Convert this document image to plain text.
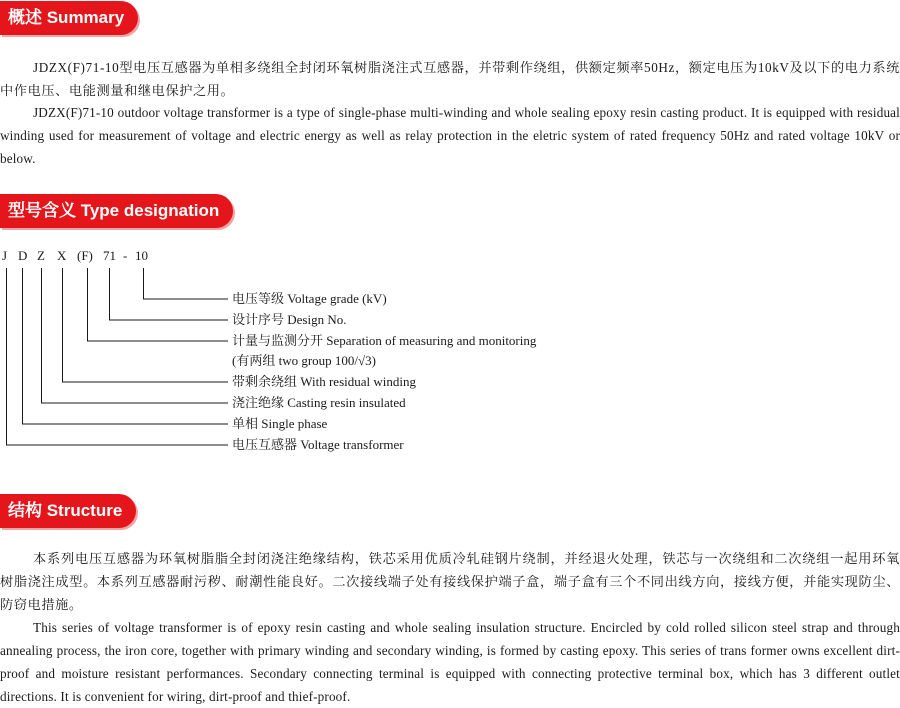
概述 Summary

JDZX(F)71-10型电压互感器为单相多绕组全封闭环氧树脂浇注式互感器，并带剩作绕组，供额定频率50Hz，额定电压为10kV及以下的电力系统中作电压、电能测量和继电保护之用。

JDZX(F)71-10 outdoor voltage transformer is a type of single-phase multi-winding and whole sealing epoxy resin casting product. It is equipped with residual winding used for measurement of voltage and electric energy as well as relay protection in the eletric system of rated frequency 50Hz and rated voltage 10kV or below.

型号含义 Type designation
J D Z X (F) 71 - 10
电压等级 Voltage grade (kV)
设计序号 Design No.
计量与监测分开 Separation of measuring and monitoring
(有两组 two group 100/√3)
带剩余绕组 With residual winding
浇注绝缘 Casting resin insulated
单相 Single phase
电压互感器 Voltage transformer
结构 Structure

本系列电压互感器为环氧树脂脂全封闭浇注绝缘结构，铁芯采用优质冷轧硅钢片绕制，并经退火处理，铁芯与一次绕组和二次绕组一起用环氧树脂浇注成型。本系列互感器耐污秽、耐潮性能良好。二次接线端子处有接线保护端子盒，端子盒有三个不同出线方向，接线方便，并能实现防尘、防窃电措施。

This series of voltage transformer is of epoxy resin casting and whole sealing insulation structure. Encircled by cold rolled silicon steel strap and through annealing process, the iron core, together with primary winding and secondary winding, is formed by casting epoxy. This series of trans former owns excellent dirt-proof and moisture resistant performances. Secondary connecting terminal is equipped with connecting protective terminal box, which has 3 different outlet directions. It is convenient for wiring, dirt-proof and thief-proof.
